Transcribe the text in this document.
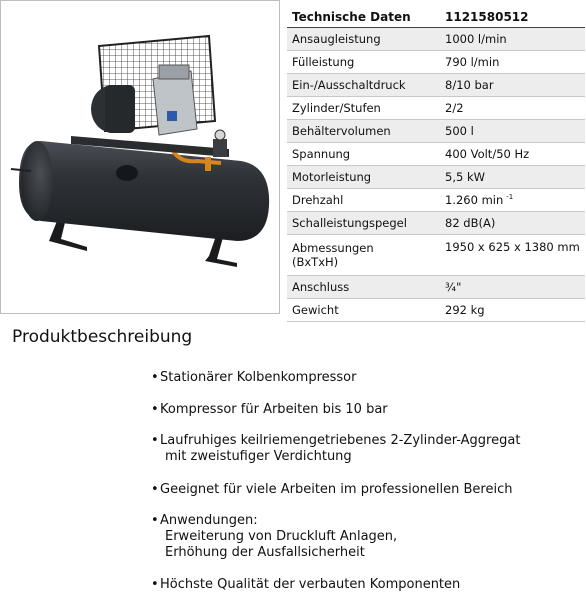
Technische Daten	1121580512
Ansaugleistung	1000 l/min
Fülleistung	790 l/min
Ein-/Ausschaltdruck	8/10 bar
Zylinder/Stufen	2/2
Behältervolumen	500 l
Spannung	400 Volt/50 Hz
Motorleistung	5,5 kW
Drehzahl	1.260 min $^{-1}$
Schalleistungspegel	82 dB(A)
Abmessungen
(BxTxH)	1950 x 625 x 1380 mm
Anschluss	¾"
Gewicht	292 kg
Produktbeschreibung
•Stationärer Kolbenkompressor
•Kompressor für Arbeiten bis 10 bar
•Laufruhiges keilriemengetriebenes 2-Zylinder-Aggregat
mit zweistufiger Verdichtung
•Geeignet für viele Arbeiten im professionellen Bereich
•Anwendungen:
Erweiterung von Druckluft Anlagen,
Erhöhung der Ausfallsicherheit
•Höchste Qualität der verbauten Komponenten
